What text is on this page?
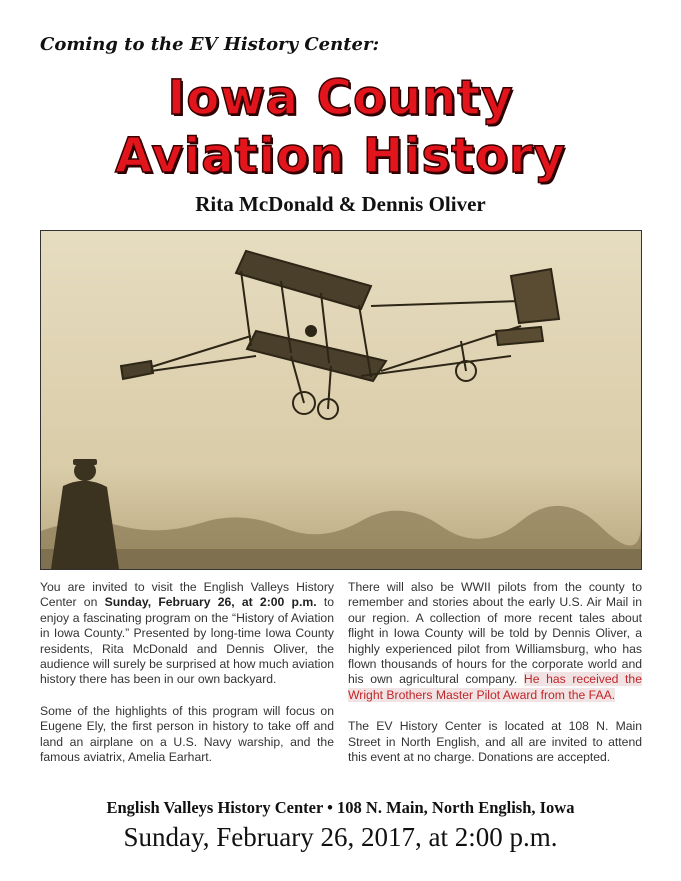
Coming to the EV History Center:
Iowa County
Aviation History
Rita McDonald & Dennis Oliver

You are invited to visit the English Valleys History Center on Sunday, February 26, at 2:00 p.m. to enjoy a fascinating program on the “History of Aviation in Iowa County.” Presented by long-time Iowa County residents, Rita McDonald and Dennis Oliver, the audience will surely be surprised at how much aviation history there has been in our own backyard.

Some of the highlights of this program will focus on Eugene Ely, the first person in history to take off and land an airplane on a U.S. Navy warship, and the famous aviatrix, Amelia Earhart.

There will also be WWII pilots from the county to remember and stories about the early U.S. Air Mail in our region. A collection of more recent tales about flight in Iowa County will be told by Dennis Oliver, a highly experienced pilot from Williamsburg, who has flown thousands of hours for the corporate world and his own agricultural company. He has received the Wright Brothers Master Pilot Award from the FAA.

The EV History Center is located at 108 N. Main Street in North English, and all are invited to attend this event at no charge. Donations are accepted.

English Valleys History Center • 108 N. Main, North English, Iowa
Sunday, February 26, 2017, at 2:00 p.m.
